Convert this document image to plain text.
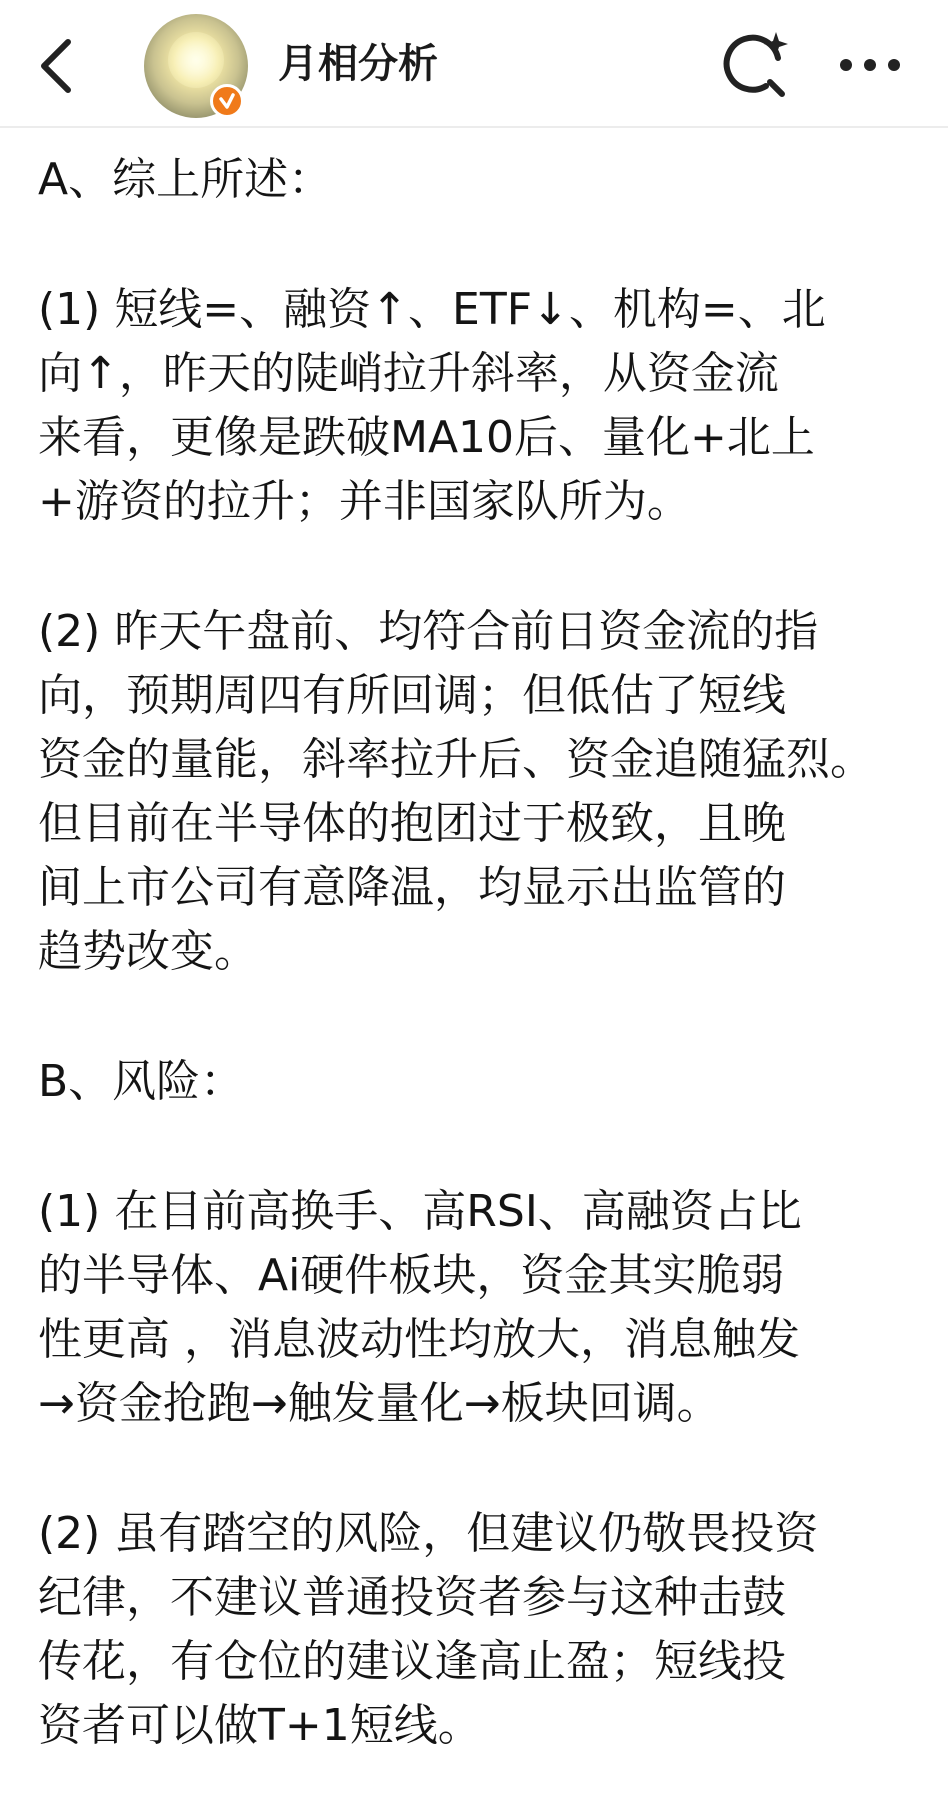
月相分析
A、综上所述：
(1) 短线=、融资↑、ETF↓、机构=、北
向↑，昨天的陡峭拉升斜率，从资金流
来看，更像是跌破MA10后、量化+北上
+游资的拉升；并非国家队所为。
(2) 昨天午盘前、均符合前日资金流的指
向，预期周四有所回调；但低估了短线
资金的量能，斜率拉升后、资金追随猛烈。
但目前在半导体的抱团过于极致，且晚
间上市公司有意降温，均显示出监管的
趋势改变。
B、风险：
(1) 在目前高换手、高RSI、高融资占比
的半导体、Ai硬件板块，资金其实脆弱
性更高 ，消息波动性均放大，消息触发
→资金抢跑→触发量化→板块回调。
(2) 虽有踏空的风险，但建议仍敬畏投资
纪律，不建议普通投资者参与这种击鼓
传花，有仓位的建议逢高止盈；短线投
资者可以做T+1短线。
